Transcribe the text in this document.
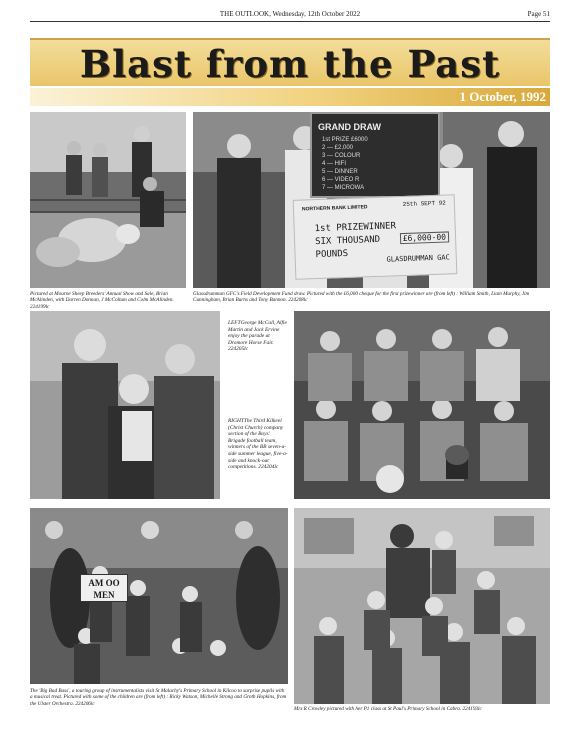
THE OUTLOOK, Wednesday, 12th October 2022	Page 51
Blast from the Past
1 October, 1992
Pictured at Mourne Sheep Breeders' Annual Show and Sale, Brian McAlinden, with Darren Donnan, J McCollum and Colm McAlinden. 224199lc
GRAND DRAW
1st PRIZE £6000
2 — £2,000
3 — COLOUR
4 — HIFI
5 — DINNER
6 — VIDEO R
7 — MICROWA
NORTHERN BANK LIMITED
25th SEPT 92
1st PRIZEWINNER
SIX THOUSAND
POUNDS
£6,000-00
GLASDRUMMAN GAC
Glassdrumman GFC's Field Development Fund draw. Pictured with the £6,000 cheque for the first prizewinner are (from left) : William Smith, Liam Murphy, Jim Cunningham, Brian Burns and Tony Bannon. 224208lc
LEFTGeorge McCall, Alfie Martin and Jack Ervine enjoy the parade at Dromore Horse Fair. 224205lc
RIGHTThe Third Kilkeel (Christ Church) company section of the Boys' Brigade football team, winners of the BB seven-a-side summer league, five-a-side and knock-out competitions. 224204lc
AM OO MEN
The 'Big Bad Bass', a touring group of instrumentalists visit St Malachy's Primary School in Kilcoo to surprise pupils with a musical treat. Pictured with some of the children are (from left) : Ricky Watson, Michelle Strong and Groth Hopkins, from the Ulster Orchestra. 224206lc
Mrs R Crowley pictured with her P1 class at St Paul's Primary School in Cabra. 224193lc
